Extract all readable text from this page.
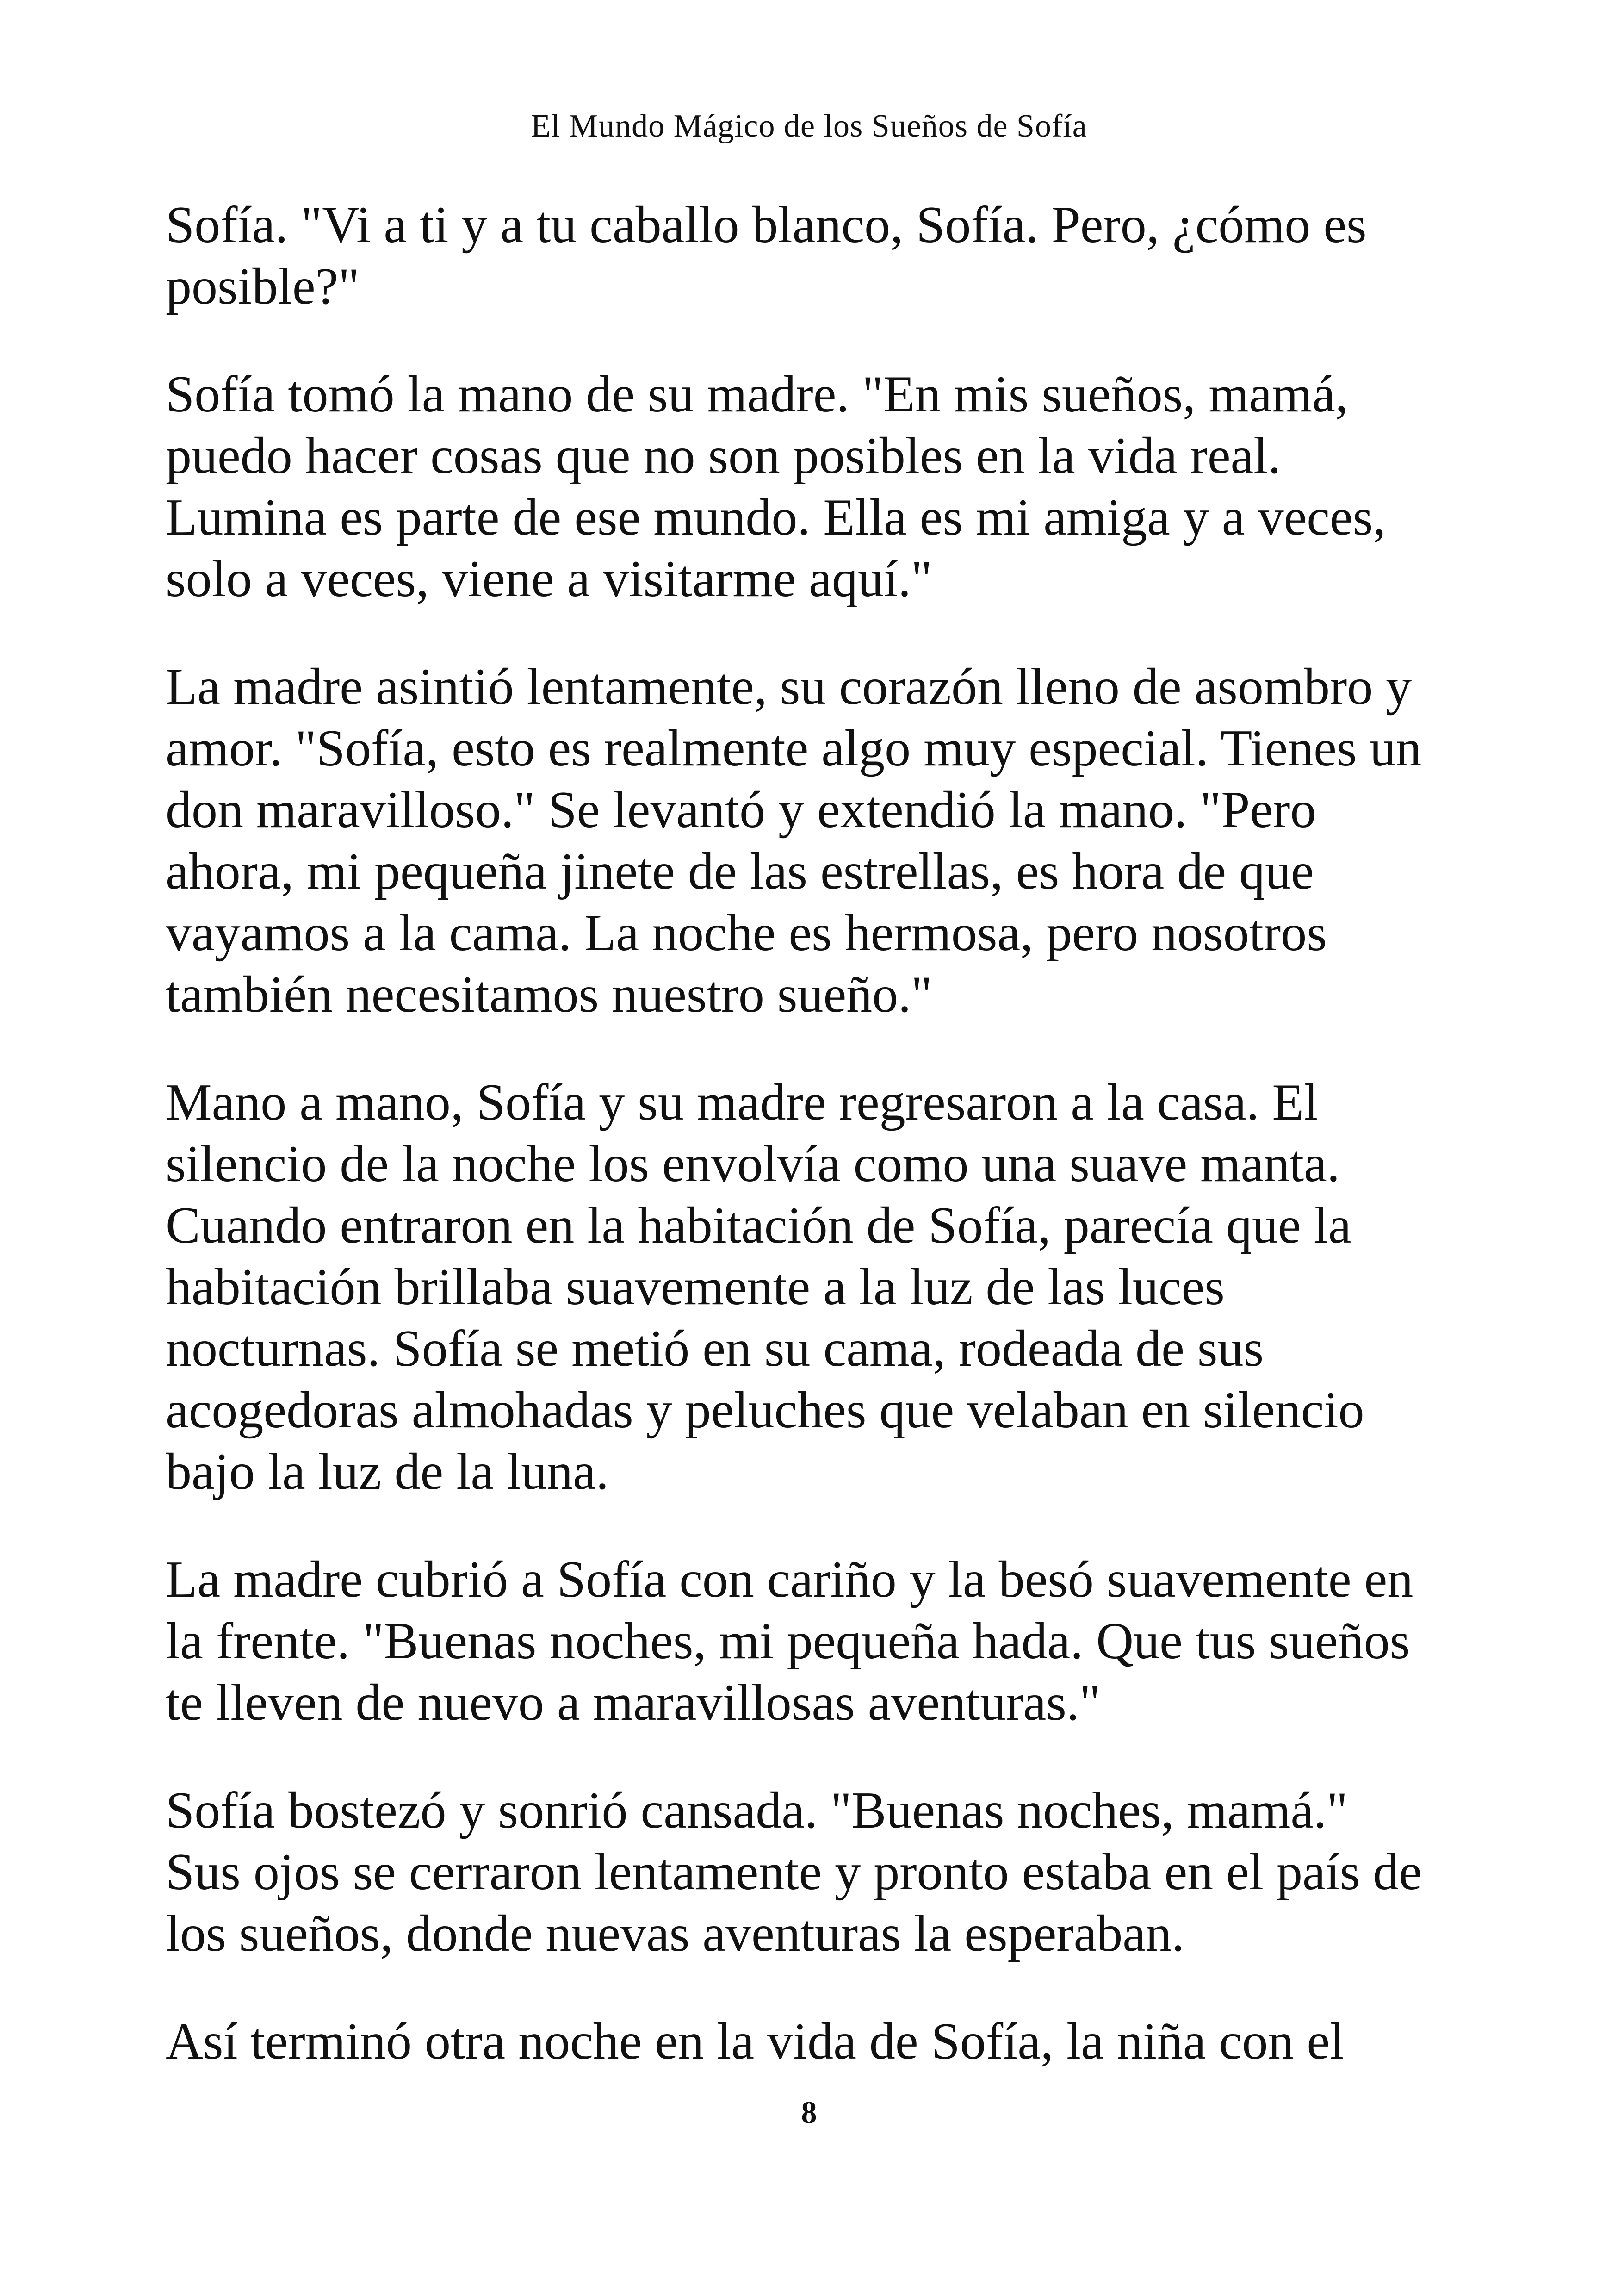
El Mundo Mágico de los Sueños de Sofía

Sofía. "Vi a ti y a tu caballo blanco, Sofía. Pero, ¿cómo es
posible?"

Sofía tomó la mano de su madre. "En mis sueños, mamá,
puedo hacer cosas que no son posibles en la vida real.
Lumina es parte de ese mundo. Ella es mi amiga y a veces,
solo a veces, viene a visitarme aquí."

La madre asintió lentamente, su corazón lleno de asombro y
amor. "Sofía, esto es realmente algo muy especial. Tienes un
don maravilloso." Se levantó y extendió la mano. "Pero
ahora, mi pequeña jinete de las estrellas, es hora de que
vayamos a la cama. La noche es hermosa, pero nosotros
también necesitamos nuestro sueño."

Mano a mano, Sofía y su madre regresaron a la casa. El
silencio de la noche los envolvía como una suave manta.
Cuando entraron en la habitación de Sofía, parecía que la
habitación brillaba suavemente a la luz de las luces
nocturnas. Sofía se metió en su cama, rodeada de sus
acogedoras almohadas y peluches que velaban en silencio
bajo la luz de la luna.

La madre cubrió a Sofía con cariño y la besó suavemente en
la frente. "Buenas noches, mi pequeña hada. Que tus sueños
te lleven de nuevo a maravillosas aventuras."

Sofía bostezó y sonrió cansada. "Buenas noches, mamá."
Sus ojos se cerraron lentamente y pronto estaba en el país de
los sueños, donde nuevas aventuras la esperaban.

Así terminó otra noche en la vida de Sofía, la niña con el

8
